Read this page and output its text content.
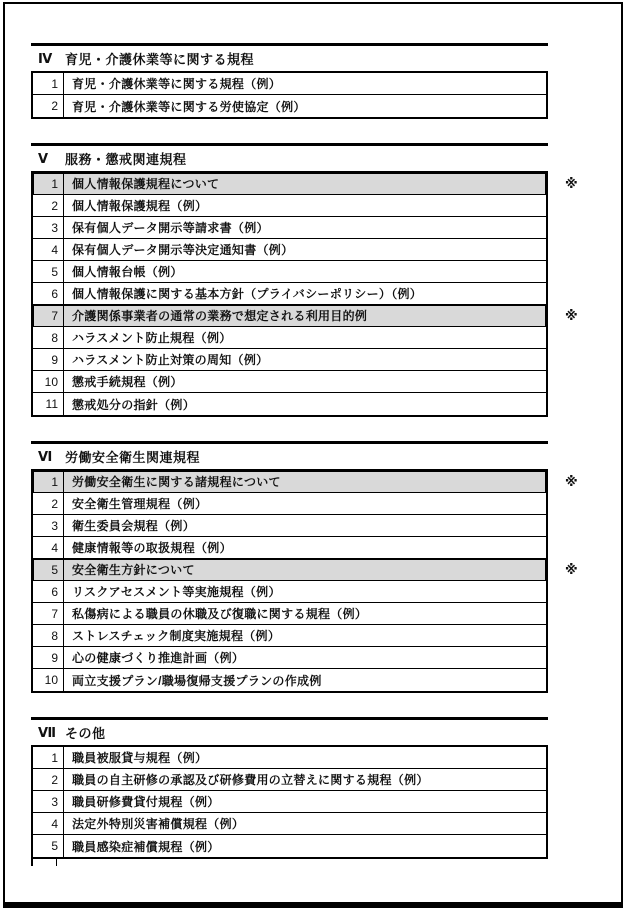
Ⅳ 育児・介護休業等に関する規程
1	育児・介護休業等に関する規程（例）
2	育児・介護休業等に関する労使協定（例）
Ⅴ	服務・懲戒関連規程
1	個人情報保護規程について	※
2	個人情報保護規程（例）
3	保有個人データ開示等請求書（例）
4	保有個人データ開示等決定通知書（例）
5	個人情報台帳（例）
6	個人情報保護に関する基本方針（プライバシーポリシー）（例）
7	介護関係事業者の通常の業務で想定される利用目的例	※
8	ハラスメント防止規程（例）
9	ハラスメント防止対策の周知（例）
10	懲戒手続規程（例）
11	懲戒処分の指針（例）
Ⅵ 労働安全衛生関連規程
1	労働安全衛生に関する諸規程について	※
2	安全衛生管理規程（例）
3	衛生委員会規程（例）
4	健康情報等の取扱規程（例）
5	安全衛生方針について	※
6	リスクアセスメント等実施規程（例）
7	私傷病による職員の休職及び復職に関する規程（例）
8	ストレスチェック制度実施規程（例）
9	心の健康づくり推進計画（例）
10	両立支援プラン/職場復帰支援プランの作成例
Ⅶ その他
1	職員被服貸与規程（例）
2	職員の自主研修の承認及び研修費用の立替えに関する規程（例）
3	職員研修費貸付規程（例）
4	法定外特別災害補償規程（例）
5	職員感染症補償規程（例）
